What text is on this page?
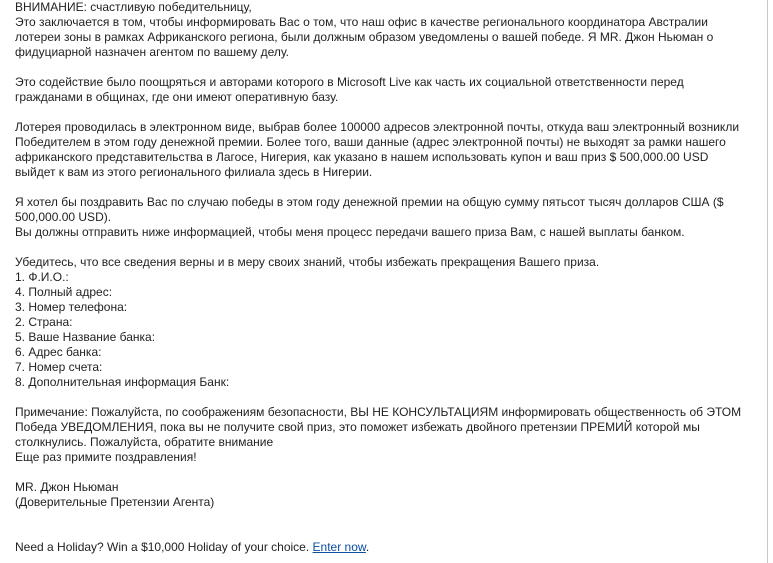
ВНИМАНИЕ: счастливую победительницу,
Это заключается в том, чтобы информировать Вас о том, что наш офис в качестве регионального координатора Австралии
лотереи зоны в рамках Африканского региона, были должным образом уведомлены о вашей победе. Я MR. Джон Ньюман о
фидуциарной назначен агентом по вашему делу.
Это содействие было поощряться и авторами которого в Microsoft Live как часть их социальной ответственности перед
гражданами в общинах, где они имеют оперативную базу.
Лотерея проводилась в электронном виде, выбрав более 100000 адресов электронной почты, откуда ваш электронный возникли
Победителем в этом году денежной премии. Более того, ваши данные (адрес электронной почты) не выходят за рамки нашего
африканского представительства в Лагосе, Нигерия, как указано в нашем использовать купон и ваш приз $ 500,000.00 USD
выйдет к вам из этого регионального филиала здесь в Нигерии.
Я хотел бы поздравить Вас по случаю победы в этом году денежной премии на общую сумму пятьсот тысяч долларов США ($
500,000.00 USD).
Вы должны отправить ниже информацией, чтобы меня процесс передачи вашего приза Вам, с нашей выплаты банком.
Убедитесь, что все сведения верны и в меру своих знаний, чтобы избежать прекращения Вашего приза.
1. Ф.И.О.:
4. Полный адрес:
3. Номер телефона:
2. Страна:
5. Ваше Название банка:
6. Адрес банка:
7. Номер счета:
8. Дополнительная информация Банк:
Примечание: Пожалуйста, по соображениям безопасности, ВЫ НЕ КОНСУЛЬТАЦИЯМ информировать общественность об ЭТОМ
Победа УВЕДОМЛЕНИЯ, пока вы не получите свой приз, это поможет избежать двойного претензии ПРЕМИЙ которой мы
столкнулись. Пожалуйста, обратите внимание
Еще раз примите поздравления!
MR. Джон Ньюман
(Доверительные Претензии Агента)
Need a Holiday? Win a $10,000 Holiday of your choice. Enter now.
